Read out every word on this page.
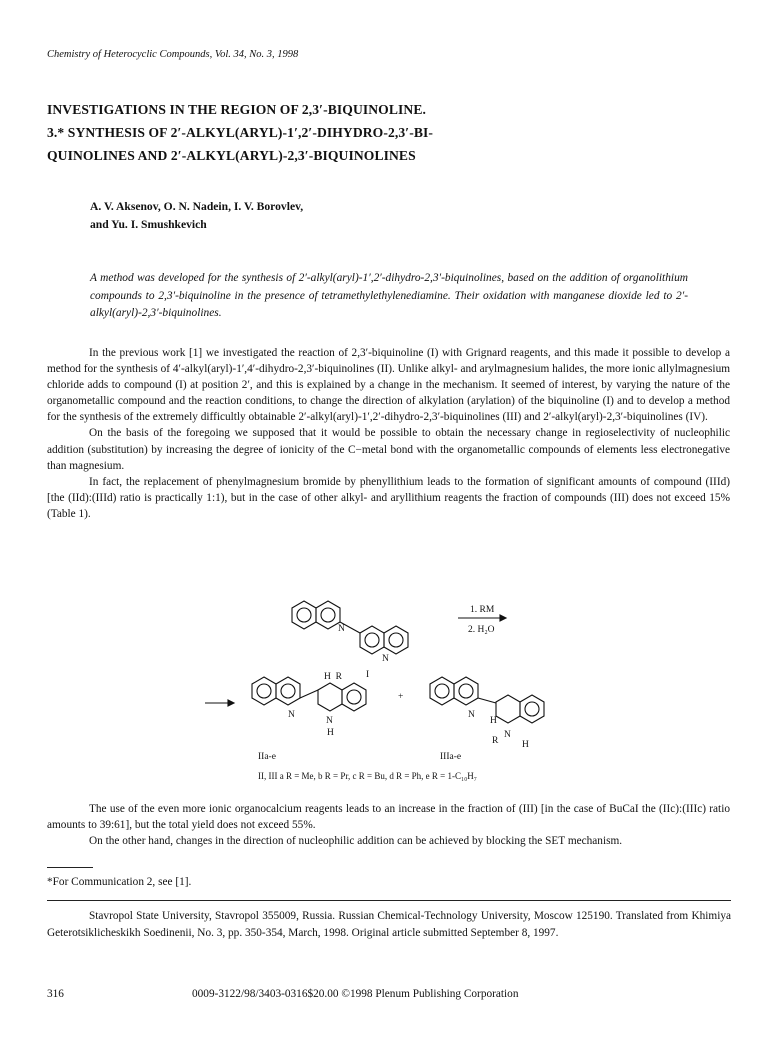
Chemistry of Heterocyclic Compounds, Vol. 34, No. 3, 1998
INVESTIGATIONS IN THE REGION OF 2,3′-BIQUINOLINE.
3.* SYNTHESIS OF 2′-ALKYL(ARYL)-1′,2′-DIHYDRO-2,3′-BI-
QUINOLINES AND 2′-ALKYL(ARYL)-2,3′-BIQUINOLINES
A. V. Aksenov, O. N. Nadein, I. V. Borovlev,
and Yu. I. Smushkevich
A method was developed for the synthesis of 2′-alkyl(aryl)-1′,2′-dihydro-2,3′-biquinolines, based on the addition of organolithium compounds to 2,3′-biquinoline in the presence of tetramethylethylenediamine. Their oxidation with manganese dioxide led to 2′-alkyl(aryl)-2,3′-biquinolines.

In the previous work [1] we investigated the reaction of 2,3′-biquinoline (I) with Grignard reagents, and this made it possible to develop a method for the synthesis of 4′-alkyl(aryl)-1′,4′-dihydro-2,3′-biquinolines (II). Unlike alkyl- and arylmagnesium halides, the more ionic allylmagnesium chloride adds to compound (I) at position 2′, and this is explained by a change in the mechanism. It seemed of interest, by varying the nature of the organometallic compound and the reaction conditions, to change the direction of alkylation (arylation) of the biquinoline (I) and to develop a method for the synthesis of the extremely difficultly obtainable 2′-alkyl(aryl)-1′,2′-dihydro-2,3′-biquinolines (III) and 2′-alkyl(aryl)-2,3′-biquinolines (IV).

On the basis of the foregoing we supposed that it would be possible to obtain the necessary change in regioselectivity of nucleophilic addition (substitution) by increasing the degree of ionicity of the C−metal bond with the organometallic compounds of elements less electronegative than magnesium.

In fact, the replacement of phenylmagnesium bromide by phenyllithium leads to the formation of significant amounts of compound (IIId) [the (IId):(IIId) ratio is practically 1:1), but in the case of other alkyl- and aryllithium reagents the fraction of compounds (III) does not exceed 15% (Table 1).

N
N
1. RM
2. H₂O
I
H  R
N
N
H
+
N
H
R
N
H
IIa-e	IIIa-e
II, III a R = Me, b R = Pr, c R = Bu, d R = Ph, e R = 1-C₁₀H₇

The use of the even more ionic organocalcium reagents leads to an increase in the fraction of (III) [in the case of BuCaI the (IIc):(IIIc) ratio amounts to 39:61], but the total yield does not exceed 55%.

On the other hand, changes in the direction of nucleophilic addition can be achieved by blocking the SET mechanism.

*For Communication 2, see [1].

Stavropol State University, Stavropol 355009, Russia. Russian Chemical-Technology University, Moscow 125190. Translated from Khimiya Geterotsiklicheskikh Soedinenii, No. 3, pp. 350-354, March, 1998. Original article submitted September 8, 1997.

316	0009-3122/98/3403-0316$20.00 ©1998 Plenum Publishing Corporation
